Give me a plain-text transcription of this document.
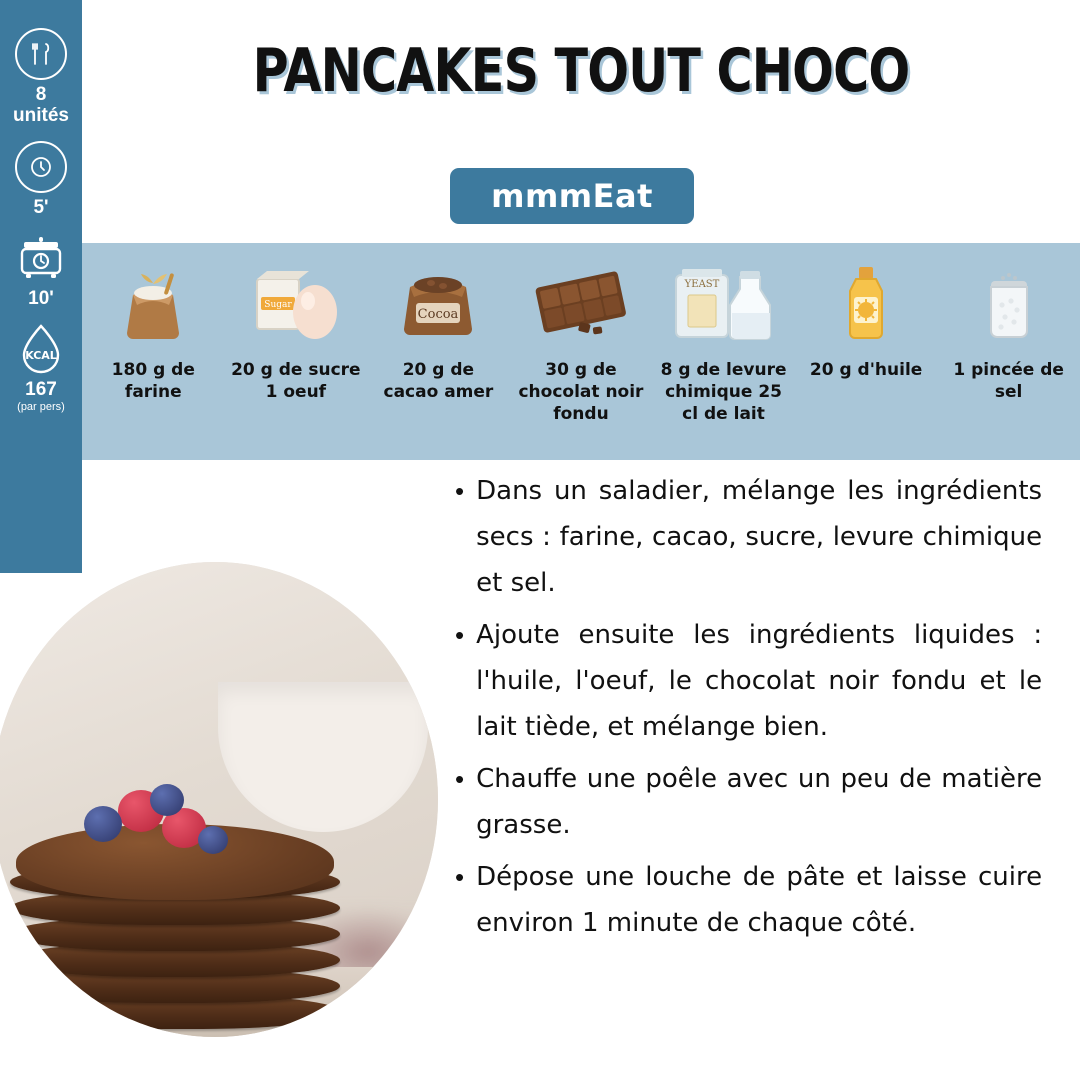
8
unités
5'
10'
KCAL
167
(par pers)
PANCAKES TOUT CHOCO
mmmEat
180 g de farine
Sugar
20 g de sucre 1 oeuf
Cocoa
20 g de cacao amer
30 g de chocolat noir fondu
YEAST
8 g de levure chimique 25 cl de lait
20 g d'huile	1 pincée de sel
• Dans un saladier, mélange les ingrédients secs : farine, cacao, sucre, levure chimique et sel.
• Ajoute ensuite les ingrédients liquides : l'huile, l'oeuf, le chocolat noir fondu et le lait tiède, et mélange bien.
• Chauffe une poêle avec un peu de matière grasse.
• Dépose une louche de pâte et laisse cuire environ 1 minute de chaque côté.
